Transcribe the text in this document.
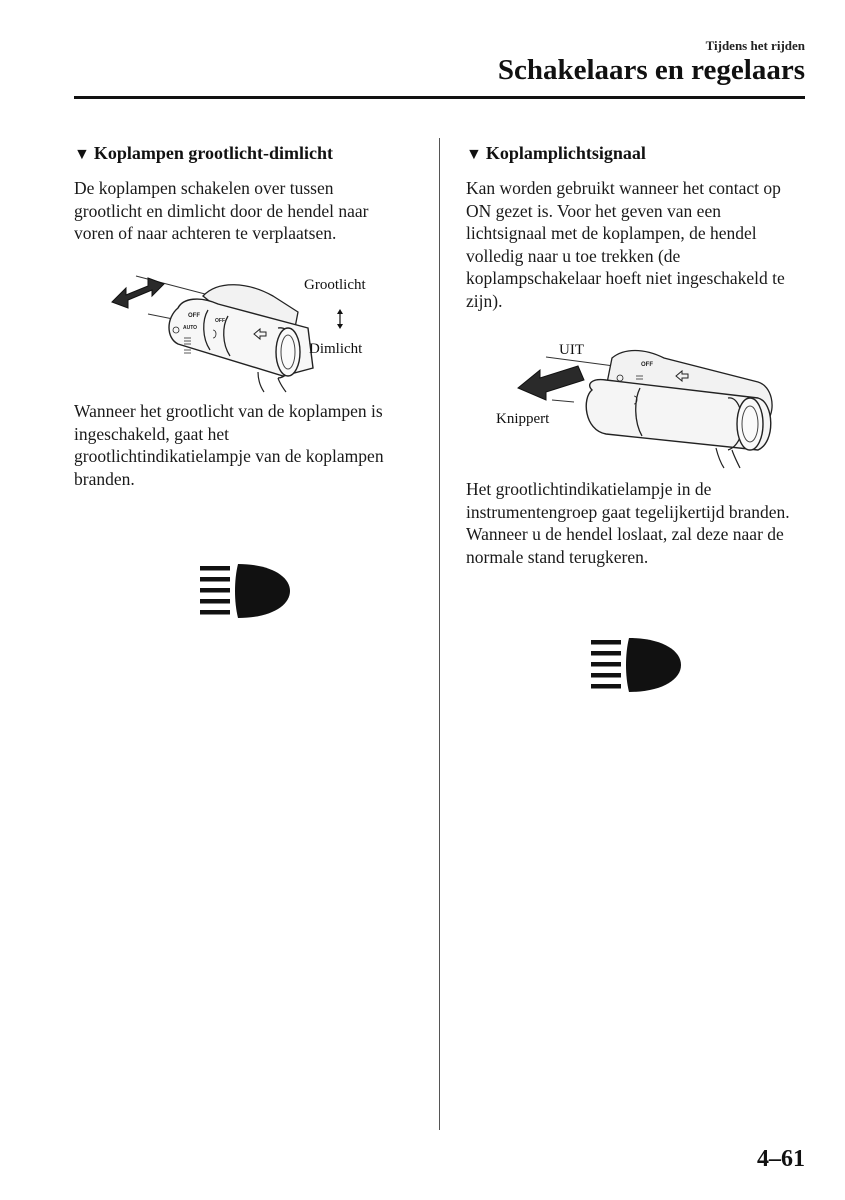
Tijdens het rijden
Schakelaars en regelaars
▼ Koplampen grootlicht-dimlicht

De koplampen schakelen over tussen grootlicht en dimlicht door de hendel naar voren of naar achteren te verplaatsen.

OFF
OFF
AUTO
Grootlicht
Dimlicht

Wanneer het grootlicht van de koplampen is ingeschakeld, gaat het grootlichtindikatielampje van de koplampen branden.

▼ Koplamplichtsignaal

Kan worden gebruikt wanneer het contact op ON gezet is. Voor het geven van een lichtsignaal met de koplampen, de hendel volledig naar u toe trekken (de koplampschakelaar hoeft niet ingeschakeld te zijn).

OFF
UIT
Knippert

Het grootlichtindikatielampje in de instrumentengroep gaat tegelijkertijd branden. Wanneer u de hendel loslaat, zal deze naar de normale stand terugkeren.

4–61
